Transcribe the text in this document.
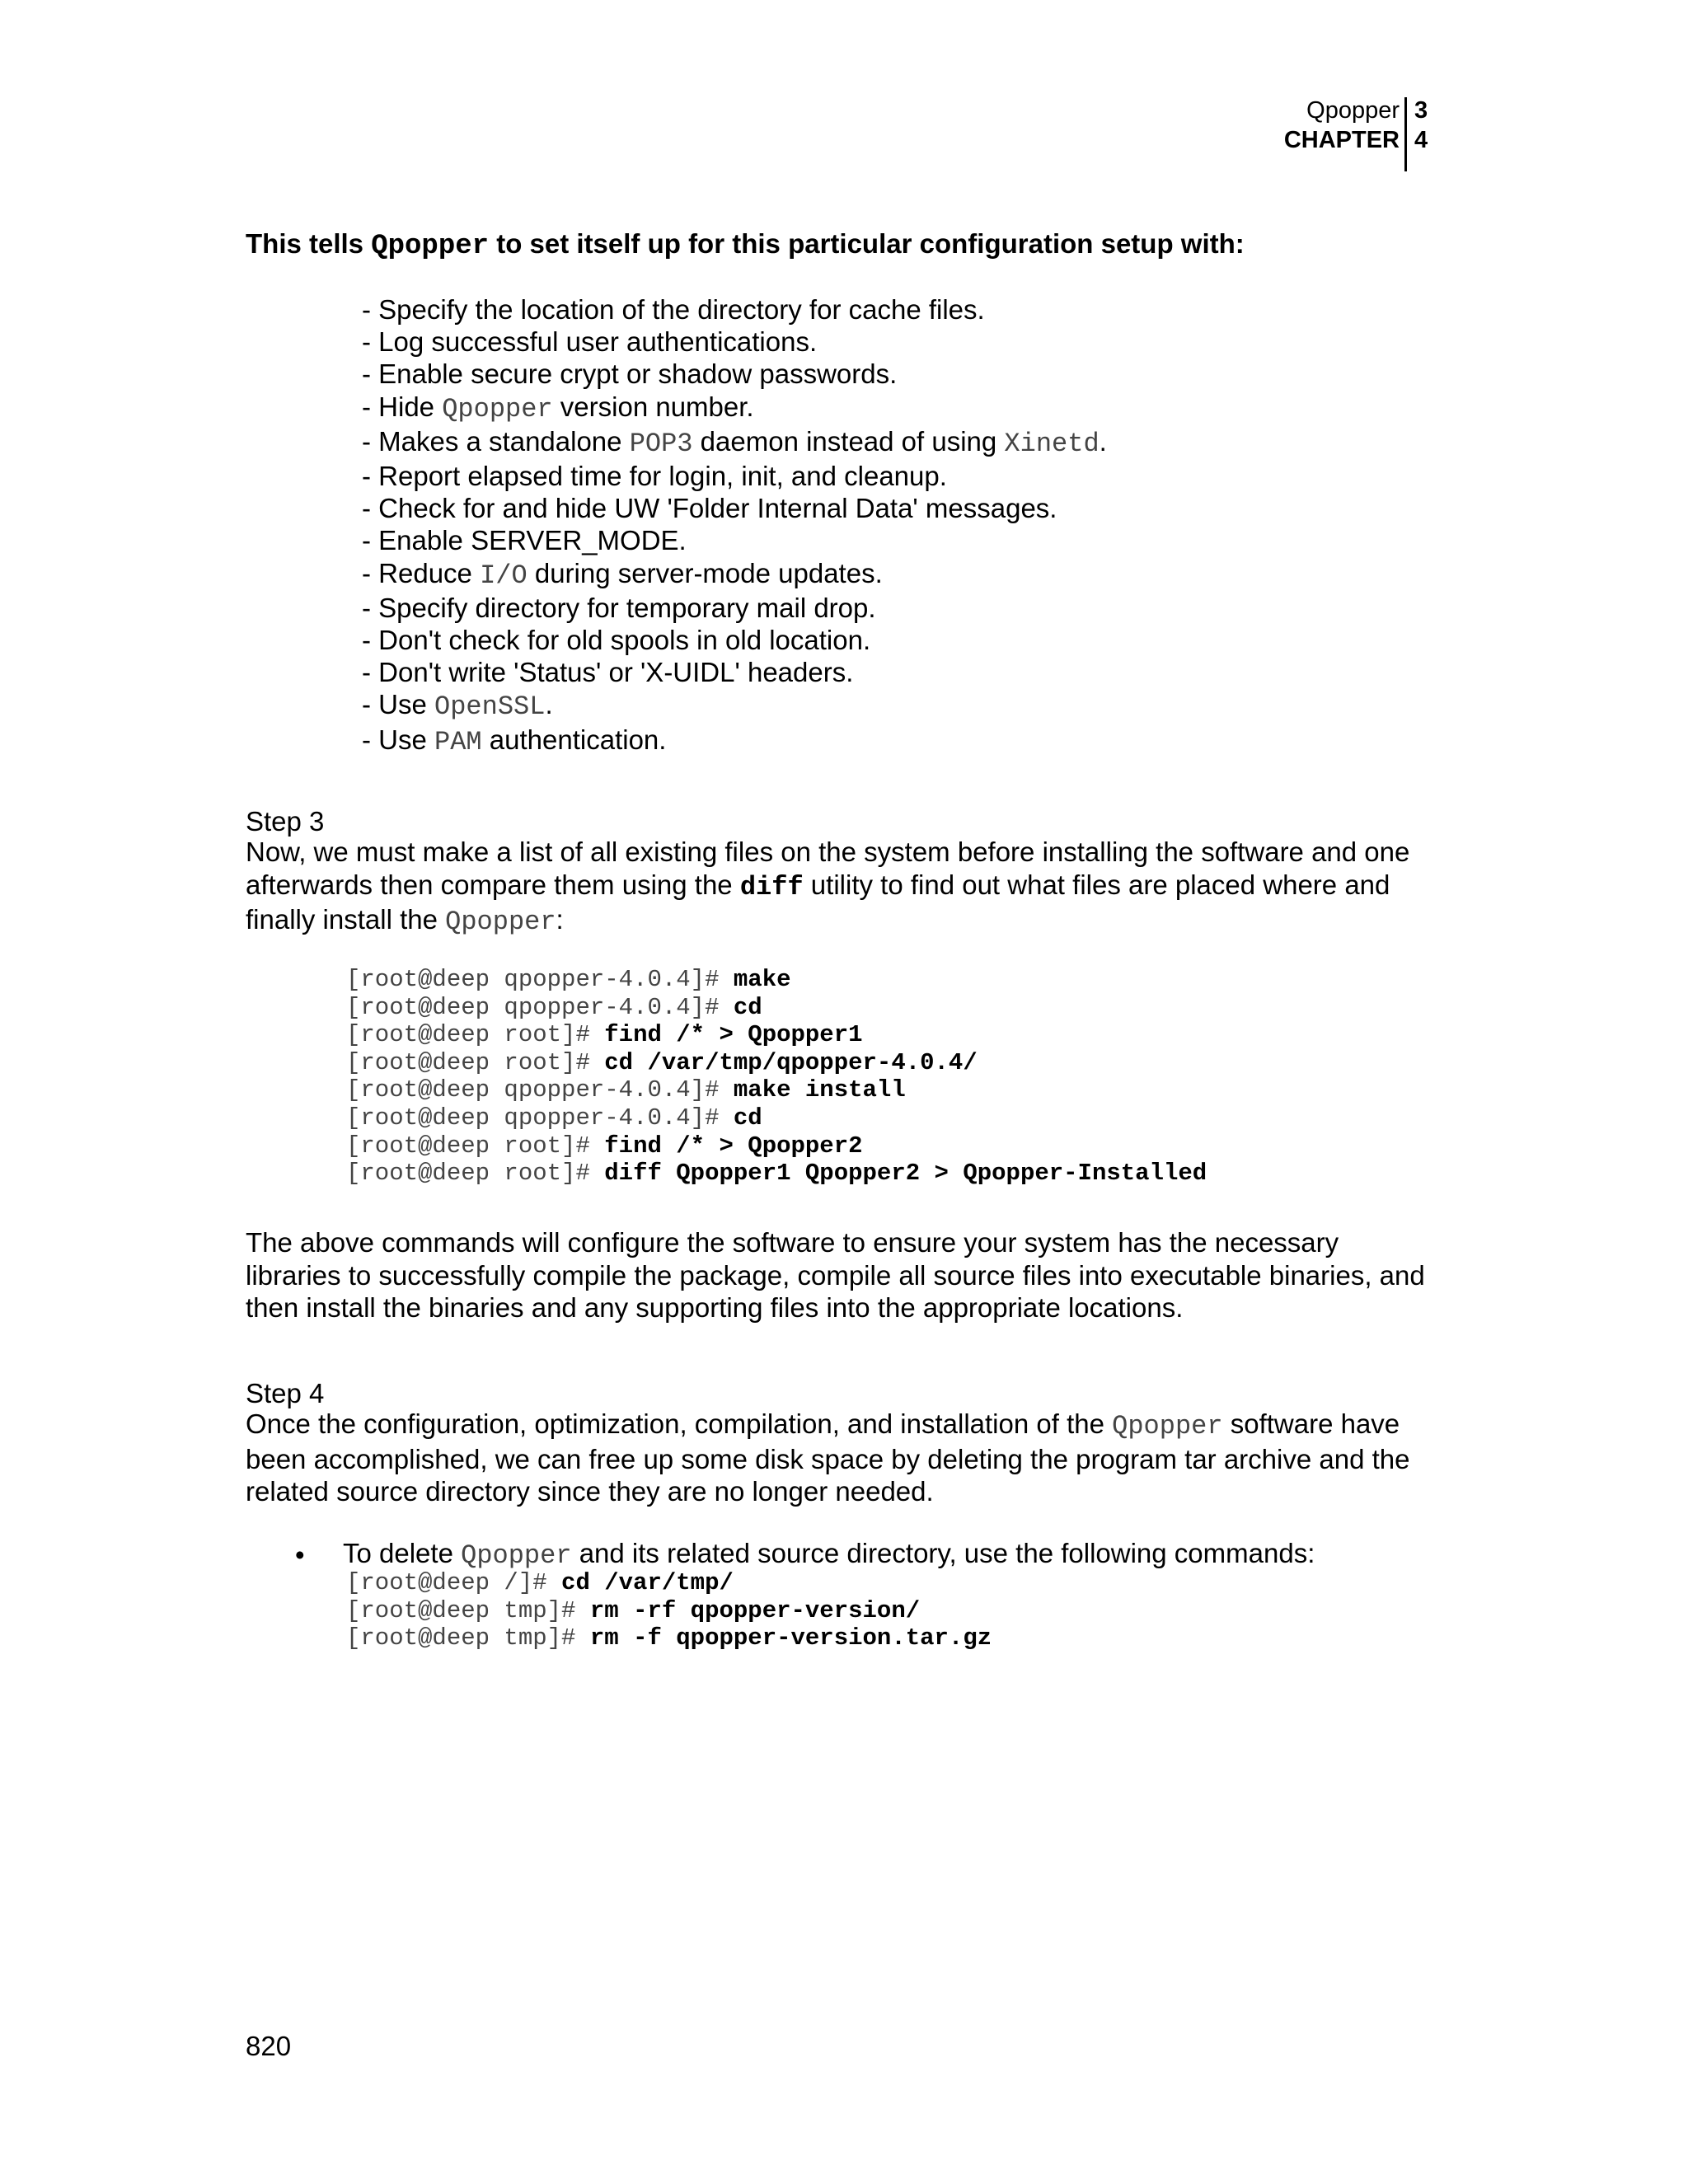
Qpopper
CHAPTER
3
4
This tells Qpopper to set itself up for this particular configuration setup with:
- Specify the location of the directory for cache files.
- Log successful user authentications.
- Enable secure crypt or shadow passwords.
- Hide Qpopper version number.
- Makes a standalone POP3 daemon instead of using Xinetd.
- Report elapsed time for login, init, and cleanup.
- Check for and hide UW 'Folder Internal Data' messages.
- Enable SERVER_MODE.
- Reduce I/O during server-mode updates.
- Specify directory for temporary mail drop.
- Don't check for old spools in old location.
- Don't write 'Status' or 'X-UIDL' headers.
- Use OpenSSL.
- Use PAM authentication.
Step 3
Now, we must make a list of all existing files on the system before installing the software and one afterwards then compare them using the diff utility to find out what files are placed where and finally install the Qpopper:
[root@deep qpopper-4.0.4]# make
[root@deep qpopper-4.0.4]# cd
[root@deep root]# find /* > Qpopper1
[root@deep root]# cd /var/tmp/qpopper-4.0.4/
[root@deep qpopper-4.0.4]# make install
[root@deep qpopper-4.0.4]# cd
[root@deep root]# find /* > Qpopper2
[root@deep root]# diff Qpopper1 Qpopper2 > Qpopper-Installed
The above commands will configure the software to ensure your system has the necessary libraries to successfully compile the package, compile all source files into executable binaries, and then install the binaries and any supporting files into the appropriate locations.
Step 4
Once the configuration, optimization, compilation, and installation of the Qpopper software have been accomplished, we can free up some disk space by deleting the program tar archive and the related source directory since they are no longer needed.
• To delete Qpopper and its related source directory, use the following commands:
[root@deep /]# cd /var/tmp/
[root@deep tmp]# rm -rf qpopper-version/
[root@deep tmp]# rm -f qpopper-version.tar.gz
820
